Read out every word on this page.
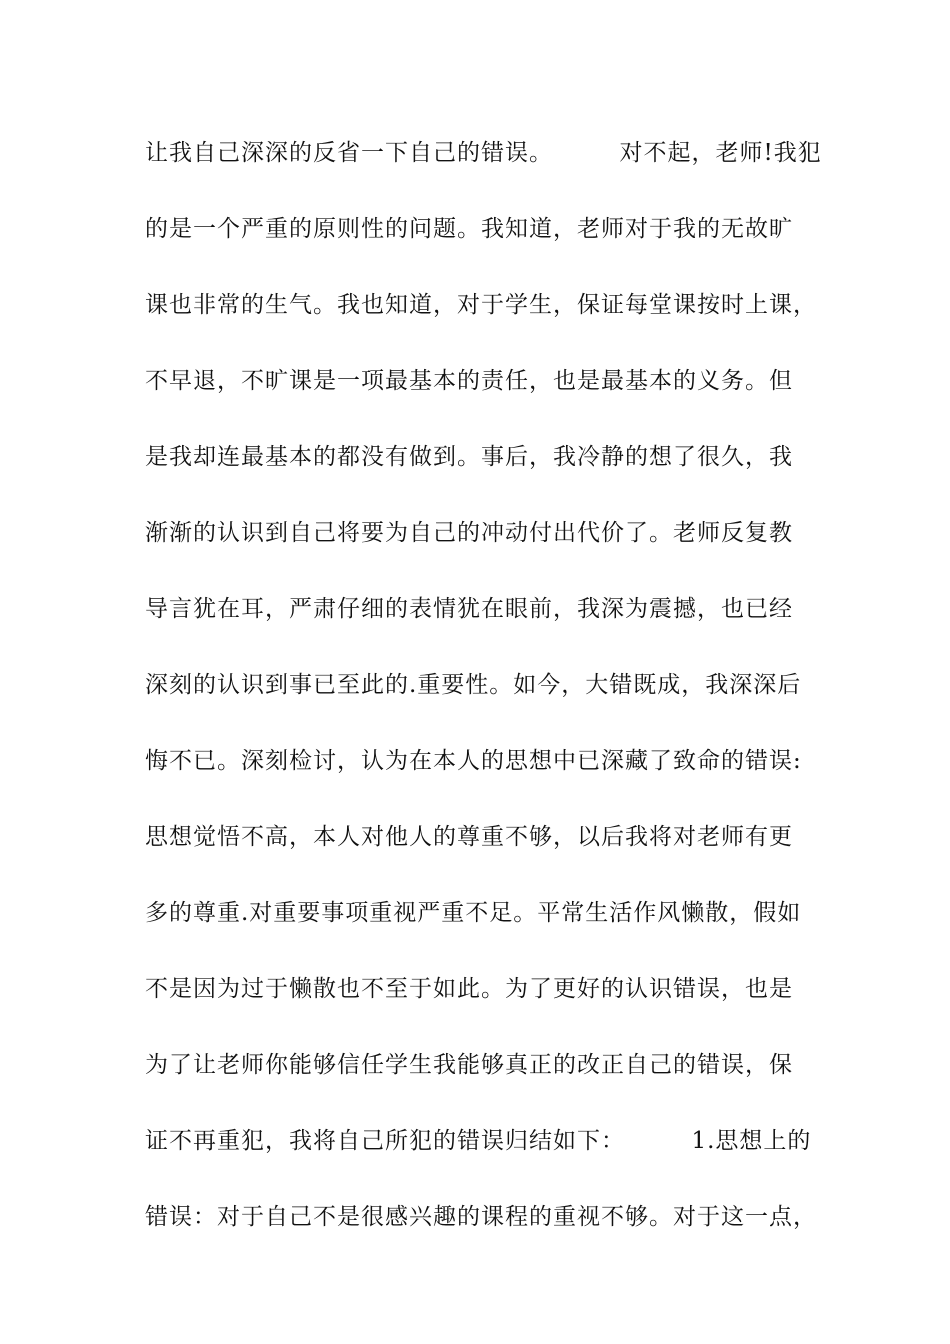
让我自己深深的反省一下自己的错误。        对不起，老师!我犯
的是一个严重的原则性的问题。我知道，老师对于我的无故旷
课也非常的生气。我也知道，对于学生，保证每堂课按时上课，
不早退，不旷课是一项最基本的责任，也是最基本的义务。但
是我却连最基本的都没有做到。事后，我冷静的想了很久，我
渐渐的认识到自己将要为自己的冲动付出代价了。老师反复教
导言犹在耳，严肃仔细的表情犹在眼前，我深为震撼，也已经
深刻的认识到事已至此的.重要性。如今，大错既成，我深深后
悔不已。深刻检讨，认为在本人的思想中已深藏了致命的错误:
思想觉悟不高，本人对他人的尊重不够，以后我将对老师有更
多的尊重.对重要事项重视严重不足。平常生活作风懒散，假如
不是因为过于懒散也不至于如此。为了更好的认识错误，也是
为了让老师你能够信任学生我能够真正的改正自己的错误，保
证不再重犯，我将自己所犯的错误归结如下：        1.思想上的
错误：对于自己不是很感兴趣的课程的重视不够。对于这一点，
